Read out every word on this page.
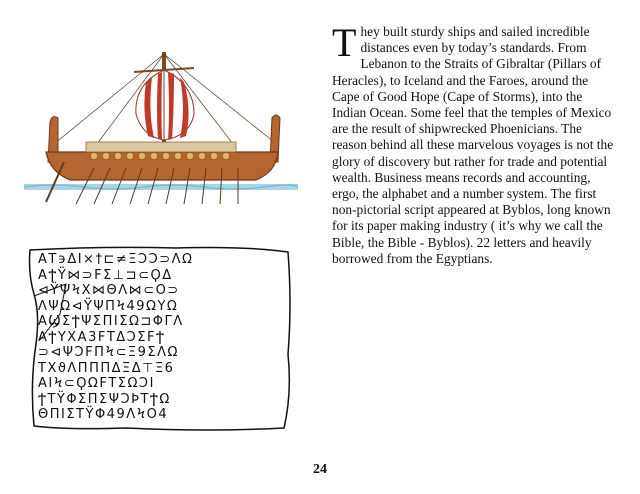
ΑΤ϶ΔΙ×†⊏≠ΞϽϽ⊃ΛΩ
ΑϮΫ⋈⊃ϜΣ⊥⊐⊂ϘΔ
⊲ΫΨϞΧ⋈ΘΛ⋈⊂Ο⊃
ΛΨΩ⊲ΫΨΠϞ49ΩΥΩ
ΑϢΣϮΨΣΠΙΣΩ⊐ΦΓΛ
ΑϮΥΧΑ3ϜΤΔϽΣϜϮ
⊃⊲ΨϽϜΠϞ⊂Ξ9ΣΛΩ
ΤΧϑΛΠΠΠΔΞΔ⊤Ξ6
ΑΙϞ⊂ϘΩϜΤΣΩϽΙ
ϮΤΫΦΣΠΣΨϽϷΤϮΩ
ΘΠΙΣΤΫΦ49ΛϞΟ4
T hey built sturdy ships and sailed incredible distances even by today’s standards. From Lebanon to the Straits of Gibraltar (Pillars of Heracles), to Iceland and the Faroes, around the Cape of Good Hope (Cape of Storms), into the Indian Ocean. Some feel that the temples of Mexico are the result of shipwrecked Phoenicians. The reason behind all these marvelous voyages is not the glory of discovery but rather for trade and potential wealth. Business means records and accounting, ergo, the alphabet and a number system. The first non-pictorial script appeared at Byblos, long known for its paper making industry ( it’s why we call the Bible, the Bible - Byblos). 22 letters and heavily borrowed from the Egyptians.
24
